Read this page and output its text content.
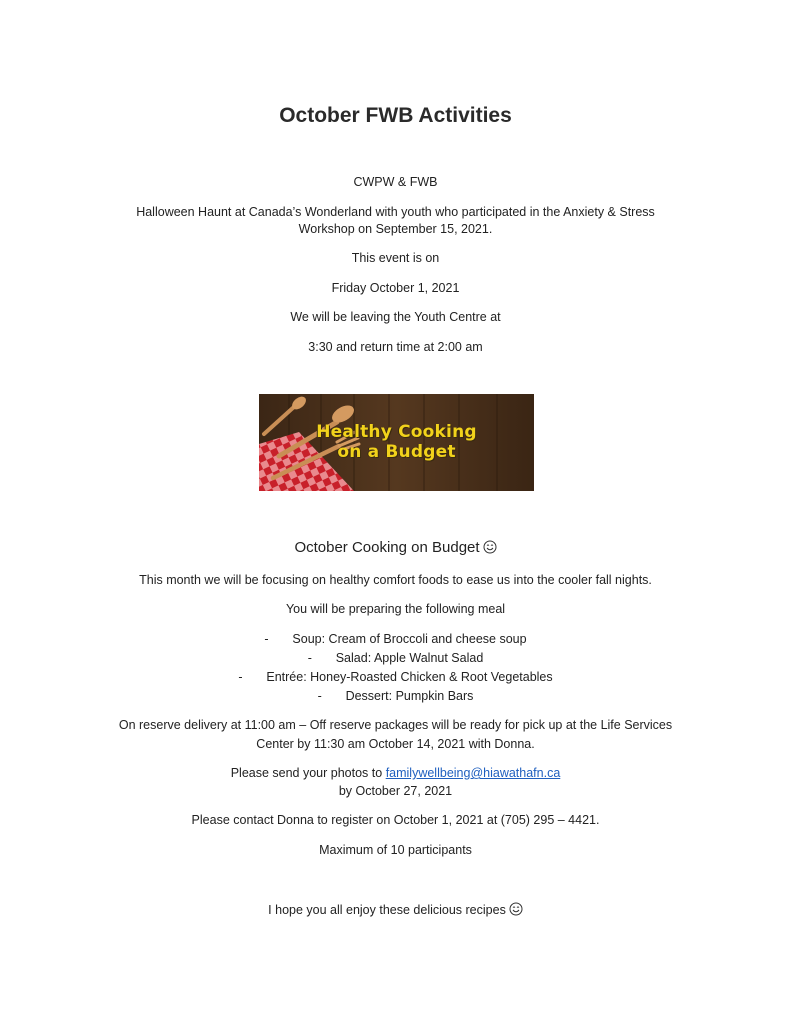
October FWB Activities
CWPW & FWB
Halloween Haunt at Canada’s Wonderland with youth who participated in the Anxiety & Stress
Workshop on September 15, 2021.
This event is on
Friday October 1, 2021
We will be leaving the Youth Centre at
3:30 and return time at 2:00 am
Healthy Cooking
on a Budget
October Cooking on Budget
This month we will be focusing on healthy comfort foods to ease us into the cooler fall nights.
You will be preparing the following meal
- Soup: Cream of Broccoli and cheese soup
- Salad: Apple Walnut Salad
- Entrée: Honey-Roasted Chicken & Root Vegetables
- Dessert: Pumpkin Bars
On reserve delivery at 11:00 am – Off reserve packages will be ready for pick up at the Life Services
Center by 11:30 am October 14, 2021 with Donna.
Please send your photos to familywellbeing@hiawathafn.ca
by October 27, 2021
Please contact Donna to register on October 1, 2021 at (705) 295 – 4421.
Maximum of 10 participants
I hope you all enjoy these delicious recipes
